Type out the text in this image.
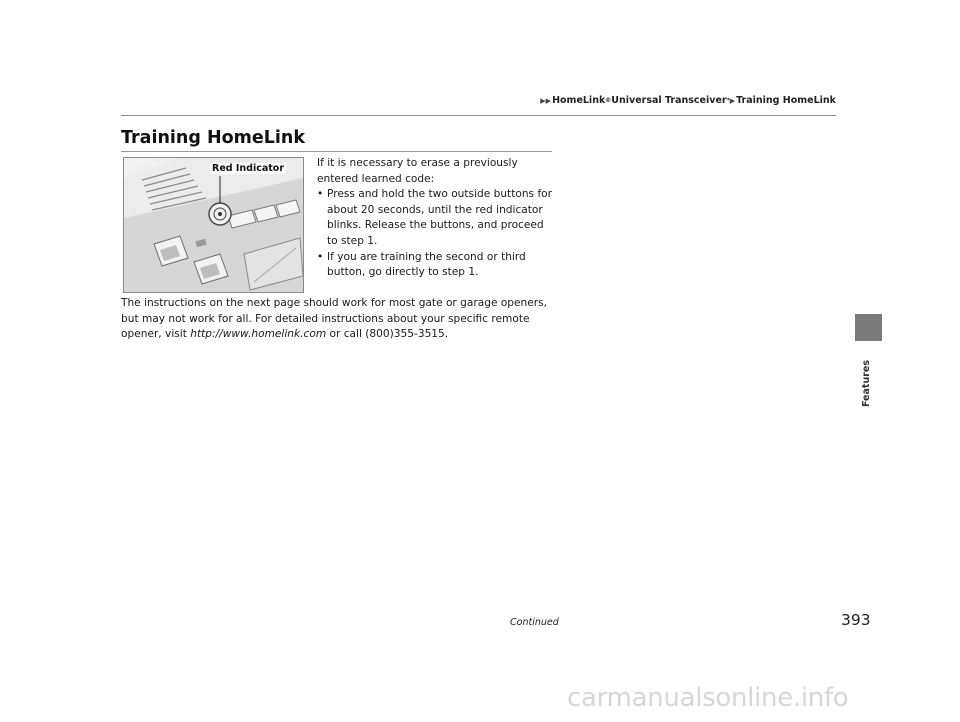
▶▶ HomeLink ® Universal Transceiver * ▶ Training HomeLink
Training HomeLink
Red Indicator	If it is necessary to erase a previously entered learned code:

• Press and hold the two outside buttons for about 20 seconds, until the red indicator blinks. Release the buttons, and proceed to step 1.
• If you are training the second or third button, go directly to step 1.

The instructions on the next page should work for most gate or garage openers, but may not work for all. For detailed instructions about your specific remote opener, visit http://www.homelink.com or call (800)355-3515.

Features
Continued	393
carmanualsonline.info
